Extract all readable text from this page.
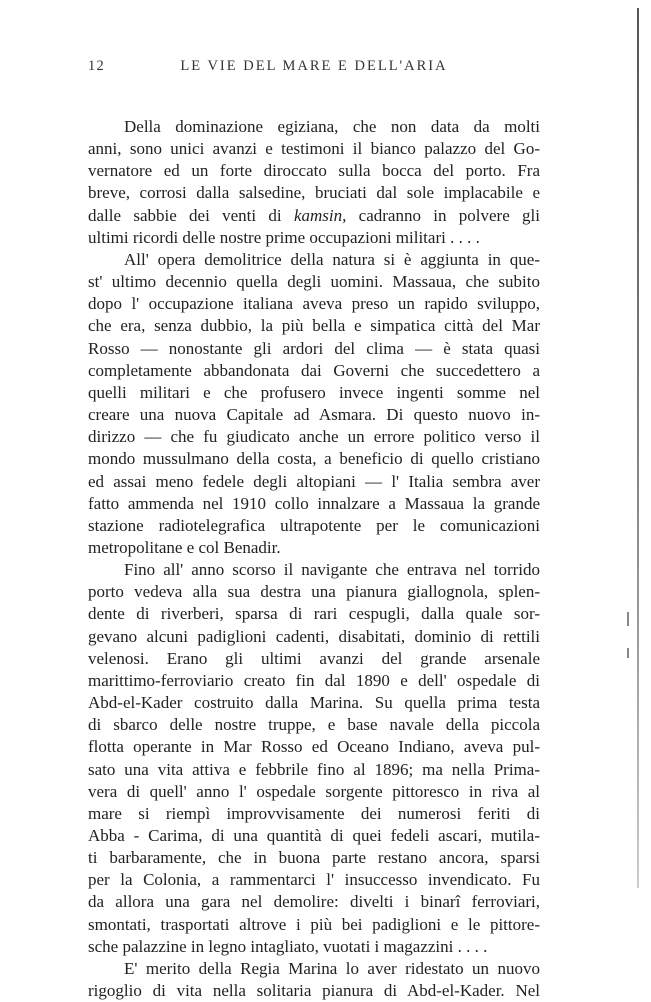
12	LE VIE DEL MARE E DELL'ARIA
Della dominazione egiziana, che non data da molti
anni, sono unici avanzi e testimoni il bianco palazzo del Go-
vernatore ed un forte diroccato sulla bocca del porto. Fra
breve, corrosi dalla salsedine, bruciati dal sole implacabile e
dalle sabbie dei venti di kamsin, cadranno in polvere gli
ultimi ricordi delle nostre prime occupazioni militari . . . .
All' opera demolitrice della natura si è aggiunta in que-
st' ultimo decennio quella degli uomini. Massaua, che subito
dopo l' occupazione italiana aveva preso un rapido sviluppo,
che era, senza dubbio, la più bella e simpatica città del Mar
Rosso — nonostante gli ardori del clima — è stata quasi
completamente abbandonata dai Governi che succedettero a
quelli militari e che profusero invece ingenti somme nel
creare una nuova Capitale ad Asmara. Di questo nuovo in-
dirizzo — che fu giudicato anche un errore politico verso il
mondo mussulmano della costa, a beneficio di quello cristiano
ed assai meno fedele degli altopiani — l' Italia sembra aver
fatto ammenda nel 1910 collo innalzare a Massaua la grande
stazione radiotelegrafica ultrapotente per le comunicazioni
metropolitane e col Benadir.
Fino all' anno scorso il navigante che entrava nel torrido
porto vedeva alla sua destra una pianura giallognola, splen-
dente di riverberi, sparsa di rari cespugli, dalla quale sor-
gevano alcuni padiglioni cadenti, disabitati, dominio di rettili
velenosi. Erano gli ultimi avanzi del grande arsenale
marittimo-ferroviario creato fin dal 1890 e dell' ospedale di
Abd-el-Kader costruito dalla Marina. Su quella prima testa
di sbarco delle nostre truppe, e base navale della piccola
flotta operante in Mar Rosso ed Oceano Indiano, aveva pul-
sato una vita attiva e febbrile fino al 1896; ma nella Prima-
vera di quell' anno l' ospedale sorgente pittoresco in riva al
mare si riempì improvvisamente dei numerosi feriti di
Abba - Carima, di una quantità di quei fedeli ascari, mutila-
ti barbaramente, che in buona parte restano ancora, sparsi
per la Colonia, a rammentarci l' insuccesso invendicato. Fu
da allora una gara nel demolire: divelti i binarî ferroviari,
smontati, trasportati altrove i più bei padiglioni e le pittore-
sche palazzine in legno intagliato, vuotati i magazzini . . . .
E' merito della Regia Marina lo aver ridestato un nuovo
rigoglio di vita nella solitaria pianura di Abd-el-Kader. Nel
